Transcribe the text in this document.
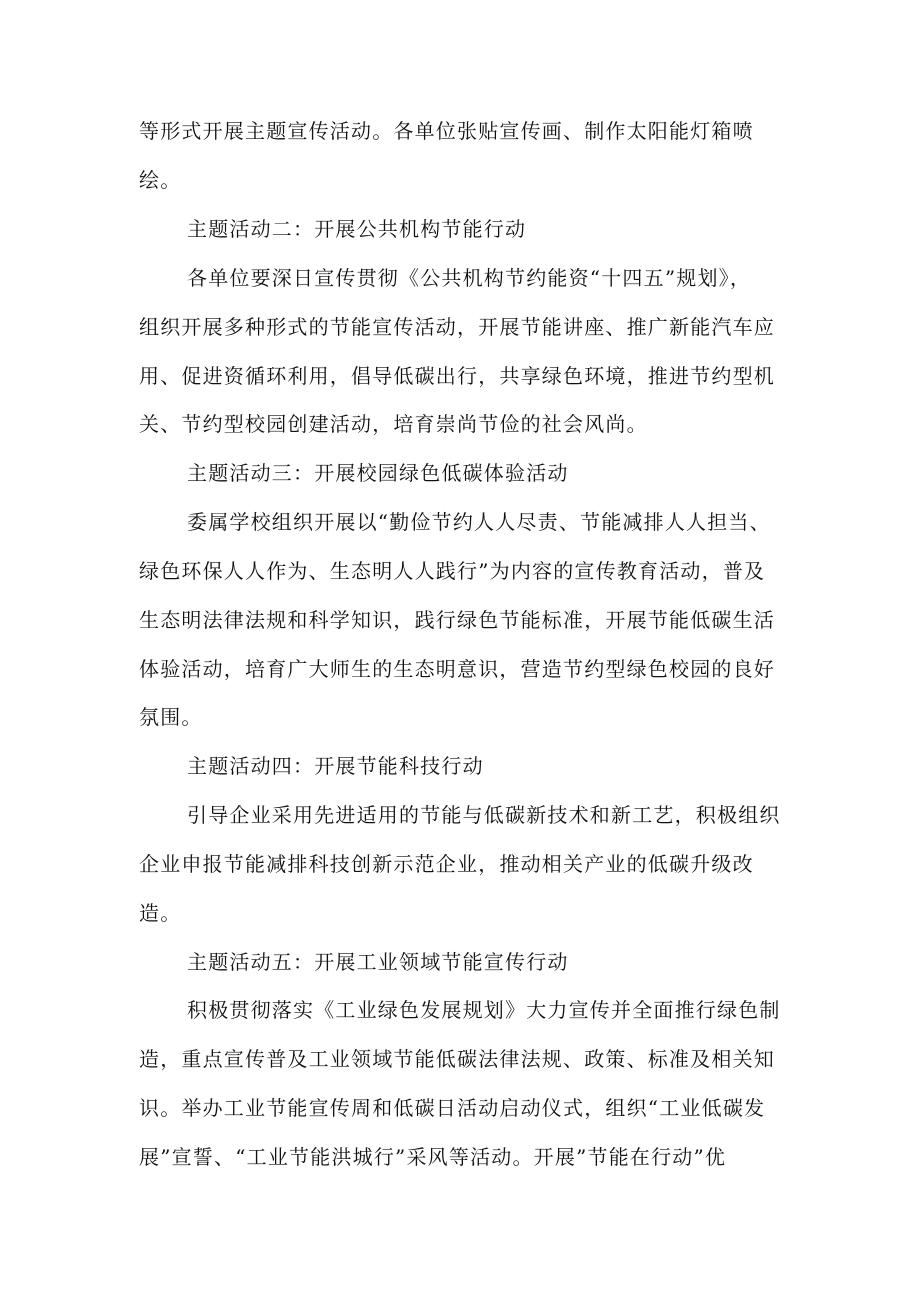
等形式开展主题宣传活动。各单位张贴宣传画、制作太阳能灯箱喷
绘。
主题活动二：开展公共机构节能行动
各单位要深日宣传贯彻《公共机构节约能资“十四五”规划》，
组织开展多种形式的节能宣传活动，开展节能讲座、推广新能汽车应
用、促进资循环利用，倡导低碳出行，共享绿色环境，推进节约型机
关、节约型校园创建活动，培育崇尚节俭的社会风尚。
主题活动三：开展校园绿色低碳体验活动
委属学校组织开展以“勤俭节约人人尽责、节能减排人人担当、
绿色环保人人作为、生态明人人践行”为内容的宣传教育活动，普及
生态明法律法规和科学知识，践行绿色节能标准，开展节能低碳生活
体验活动，培育广大师生的生态明意识，营造节约型绿色校园的良好
氛围。
主题活动四：开展节能科技行动
引导企业采用先进适用的节能与低碳新技术和新工艺，积极组织
企业申报节能减排科技创新示范企业，推动相关产业的低碳升级改
造。
主题活动五：开展工业领域节能宣传行动
积极贯彻落实《工业绿色发展规划》大力宣传并全面推行绿色制
造，重点宣传普及工业领域节能低碳法律法规、政策、标准及相关知
识。举办工业节能宣传周和低碳日活动启动仪式，组织“工业低碳发
展”宣誓、“工业节能洪城行”采风等活动。开展”节能在行动”优
